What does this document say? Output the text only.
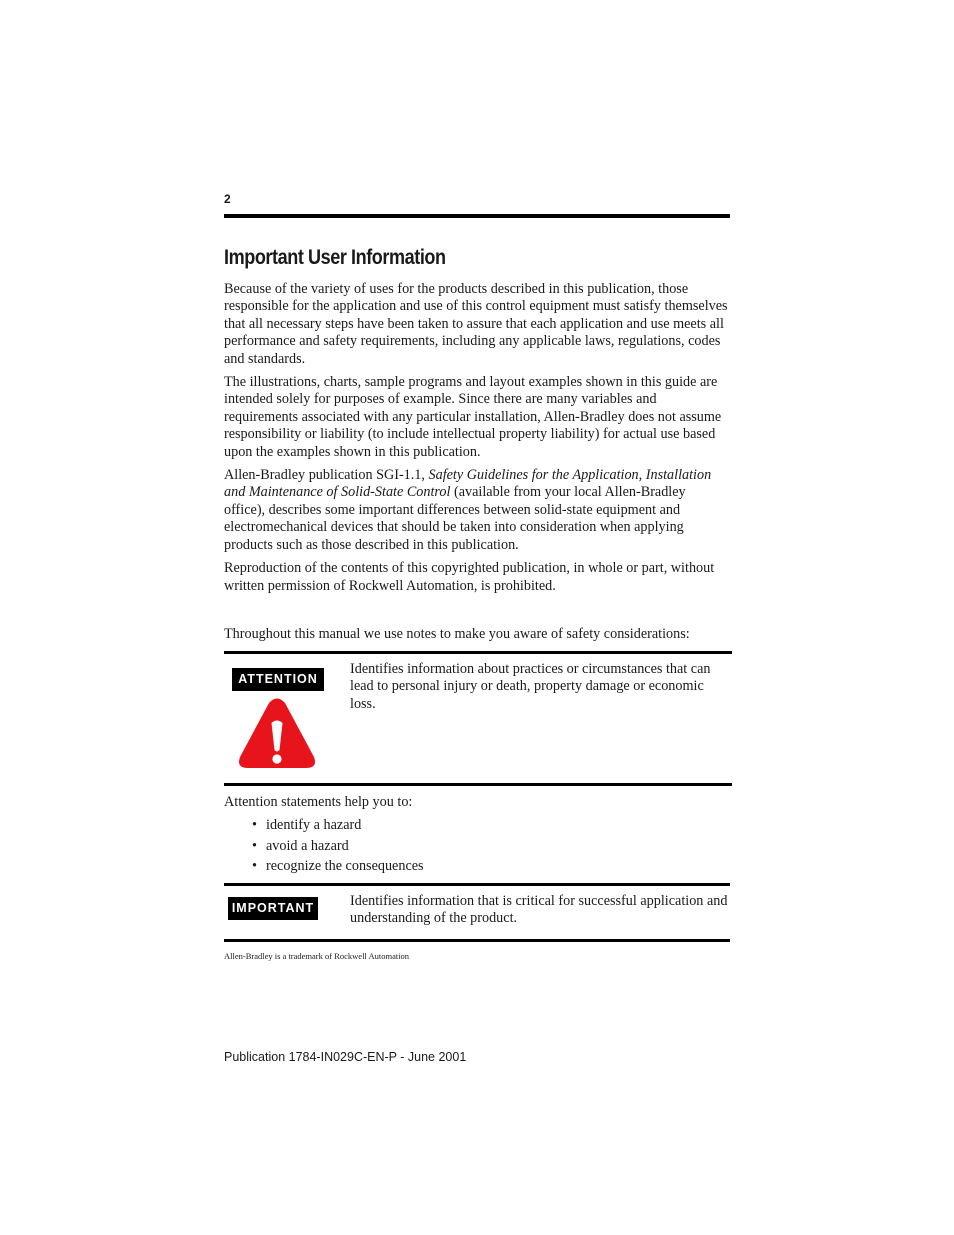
2
Important User Information

Because of the variety of uses for the products described in this publication, those responsible for the application and use of this control equipment must satisfy themselves that all necessary steps have been taken to assure that each application and use meets all performance and safety requirements, including any applicable laws, regulations, codes and standards.

The illustrations, charts, sample programs and layout examples shown in this guide are intended solely for purposes of example. Since there are many variables and requirements associated with any particular installation, Allen-Bradley does not assume responsibility or liability (to include intellectual property liability) for actual use based upon the examples shown in this publication.

Allen-Bradley publication SGI-1.1, Safety Guidelines for the Application, Installation and Maintenance of Solid-State Control (available from your local Allen-Bradley office), describes some important differences between solid-state equipment and electromechanical devices that should be taken into consideration when applying products such as those described in this publication.

Reproduction of the contents of this copyrighted publication, in whole or part, without written permission of Rockwell Automation, is prohibited.

Throughout this manual we use notes to make you aware of safety considerations:
ATTENTION
Identifies information about practices or circumstances that can lead to personal injury or death, property damage or economic loss.
Attention statements help you to:
• identify a hazard
• avoid a hazard
• recognize the consequences
IMPORTANT	Identifies information that is critical for successful application and understanding of the product.
Allen-Bradley is a trademark of Rockwell Automation
Publication 1784-IN029C-EN-P - June 2001
